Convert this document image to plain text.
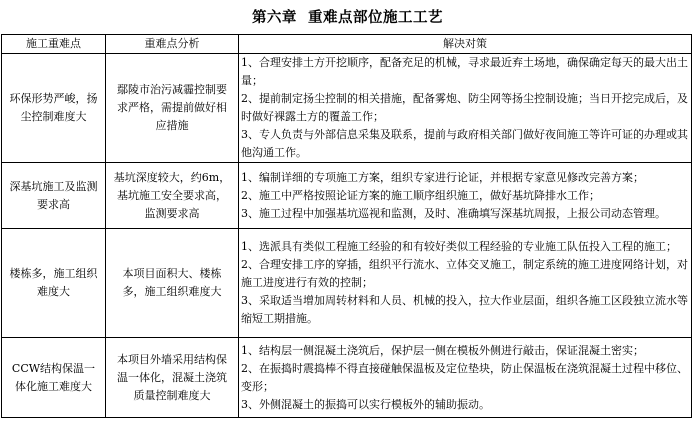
第六章  重难点部位施工工艺
施工重难点	重难点分析	解决对策
环保形势严峻，扬尘控制难度大	鄢陵市治污减霾控制要求严格，需提前做好相应措施	1、合理安排土方开挖顺序，配备充足的机械，寻求最近弃土场地，确保确定每天的最大出土量；
2、提前制定扬尘控制的相关措施，配备雾炮、防尘网等扬尘控制设施；当日开挖完成后，及时做好裸露土方的覆盖工作；
3、专人负责与外部信息采集及联系，提前与政府相关部门做好夜间施工等许可证的办理或其他沟通工作。

深基坑施工及监测要求高	基坑深度较大，约6m，基坑施工安全要求高，监测要求高	1、编制详细的专项施工方案，组织专家进行论证，并根据专家意见修改完善方案；
2、施工中严格按照论证方案的施工顺序组织施工，做好基坑降排水工作；
3、施工过程中加强基坑巡视和监测，及时、准确填写深基坑周报，上报公司动态管理。

楼栋多，施工组织难度大	本项目面积大、楼栋多，施工组织难度大	1、选派具有类似工程施工经验的和有较好类似工程经验的专业施工队伍投入工程的施工；
2、合理安排工序的穿插，组织平行流水、立体交叉施工，制定系统的施工进度网络计划，对施工进度进行有效的控制；
3、采取适当增加周转材料和人员、机械的投入，拉大作业层面，组织各施工区段独立流水等缩短工期措施。

CCW结构保温一体化施工难度大	本项目外墙采用结构保温一体化，混凝土浇筑质量控制难度大	1、结构层一侧混凝土浇筑后，保护层一侧在模板外侧进行敲击，保证混凝土密实；
2、在振捣时震捣棒不得直接碰触保温板及定位垫块，防止保温板在浇筑混凝土过程中移位、变形；
3、外侧混凝土的振捣可以实行模板外的辅助振动。
